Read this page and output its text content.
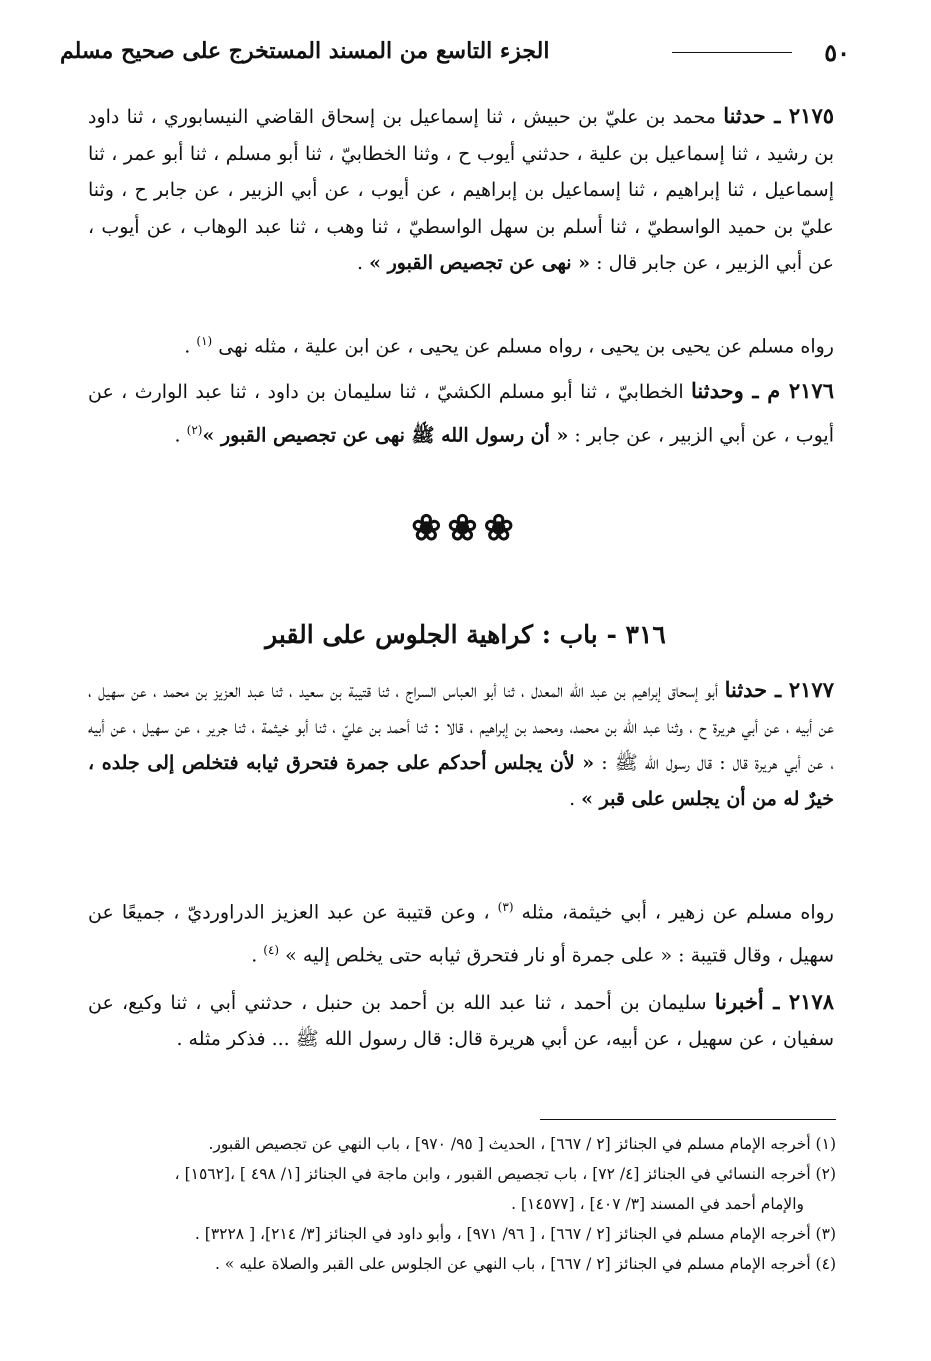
٥٠
الجزء التاسع من المسند المستخرج على صحيح مسلم

٢١٧٥ ـ حدثنا محمد بن عليّ بن حبيش ، ثنا إسماعيل بن إسحاق القاضي النيسابوري ، ثنا داود بن رشيد ، ثنا إسماعيل بن علية ، حدثني أيوب ح ، وثنا الخطابيّ ، ثنا أبو مسلم ، ثنا أبو عمر ، ثنا إسماعيل ، ثنا إبراهيم ، ثنا إسماعيل بن إبراهيم ، عن أيوب ، عن أبي الزبير ، عن جابر ح ، وثنا عليّ بن حميد الواسطيّ ، ثنا أسلم بن سهل الواسطيّ ، ثنا وهب ، ثنا عبد الوهاب ، عن أيوب ، عن أبي الزبير ، عن جابر قال : « نهى عن تجصيص القبور » .

رواه مسلم عن يحيى بن يحيى ، رواه مسلم عن يحيى ، عن ابن علية ، مثله نهى $^{(١)}$ .

٢١٧٦ م ـ وحدثنا الخطابيّ ، ثنا أبو مسلم الكشيّ ، ثنا سليمان بن داود ، ثنا عبد الوارث ، عن أيوب ، عن أبي الزبير ، عن جابر : « أن رسول الله ﷺ نهى عن تجصيص القبور »$^{(٢)}$ .

❀❀❀
٣١٦ - باب : كراهية الجلوس على القبر

٢١٧٧ ـ حدثنا أبو إسحاق إبراهيم بن عبد الله المعدل ، ثنا أبو العباس السراج ، ثنا قتيبة بن سعيد ، ثنا عبد العزيز بن محمد ، عن سهيل ، عن أبيه ، عن أبي هريرة ح ، وثنا عبد الله بن محمد، ومحمد بن إبراهيم ، قالا : ثنا أحمد بن عليّ ، ثنا أبو خيثمة ، ثنا جرير ، عن سهيل ، عن أبيه ، عن أبي هريرة قال : قال رسول الله ﷺ : « لأن يجلس أحدكم على جمرة فتحرق ثيابه فتخلص إلى جلده ، خيرٌ له من أن يجلس على قبر » .

رواه مسلم عن زهير ، أبي خيثمة، مثله $^{(٣)}$ ، وعن قتيبة عن عبد العزيز الدراورديّ ، جميعًا عن سهيل ، وقال قتيبة : « على جمرة أو نار فتحرق ثيابه حتى يخلص إليه » $^{(٤)}$ .

٢١٧٨ ـ أخبرنا سليمان بن أحمد ، ثنا عبد الله بن أحمد بن حنبل ، حدثني أبي ، ثنا وكيع، عن سفيان ، عن سهيل ، عن أبيه، عن أبي هريرة قال: قال رسول الله ﷺ ... فذكر مثله .

(١) أخرجه الإمام مسلم في الجنائز [٢ / ٦٦٧] ، الحديث [ ٩٥/ ٩٧٠] ، باب النهي عن تجصيص القبور.

(٢) أخرجه النسائي في الجنائز [٤/ ٧٢] ، باب تجصيص القبور ، وابن ماجة في الجنائز [١/ ٤٩٨ ] ،[١٥٦٢] ،

والإمام أحمد في المسند [٣/ ٤٠٧] ، [١٤٥٧٧] .

(٣) أخرجه الإمام مسلم في الجنائز [٢ / ٦٦٧] ، [ ٩٦/ ٩٧١] ، وأبو داود في الجنائز [٣/ ٢١٤]، [ ٣٢٢٨] .

(٤) أخرجه الإمام مسلم في الجنائز [٢ / ٦٦٧] ، باب النهي عن الجلوس على القبر والصلاة عليه » .
